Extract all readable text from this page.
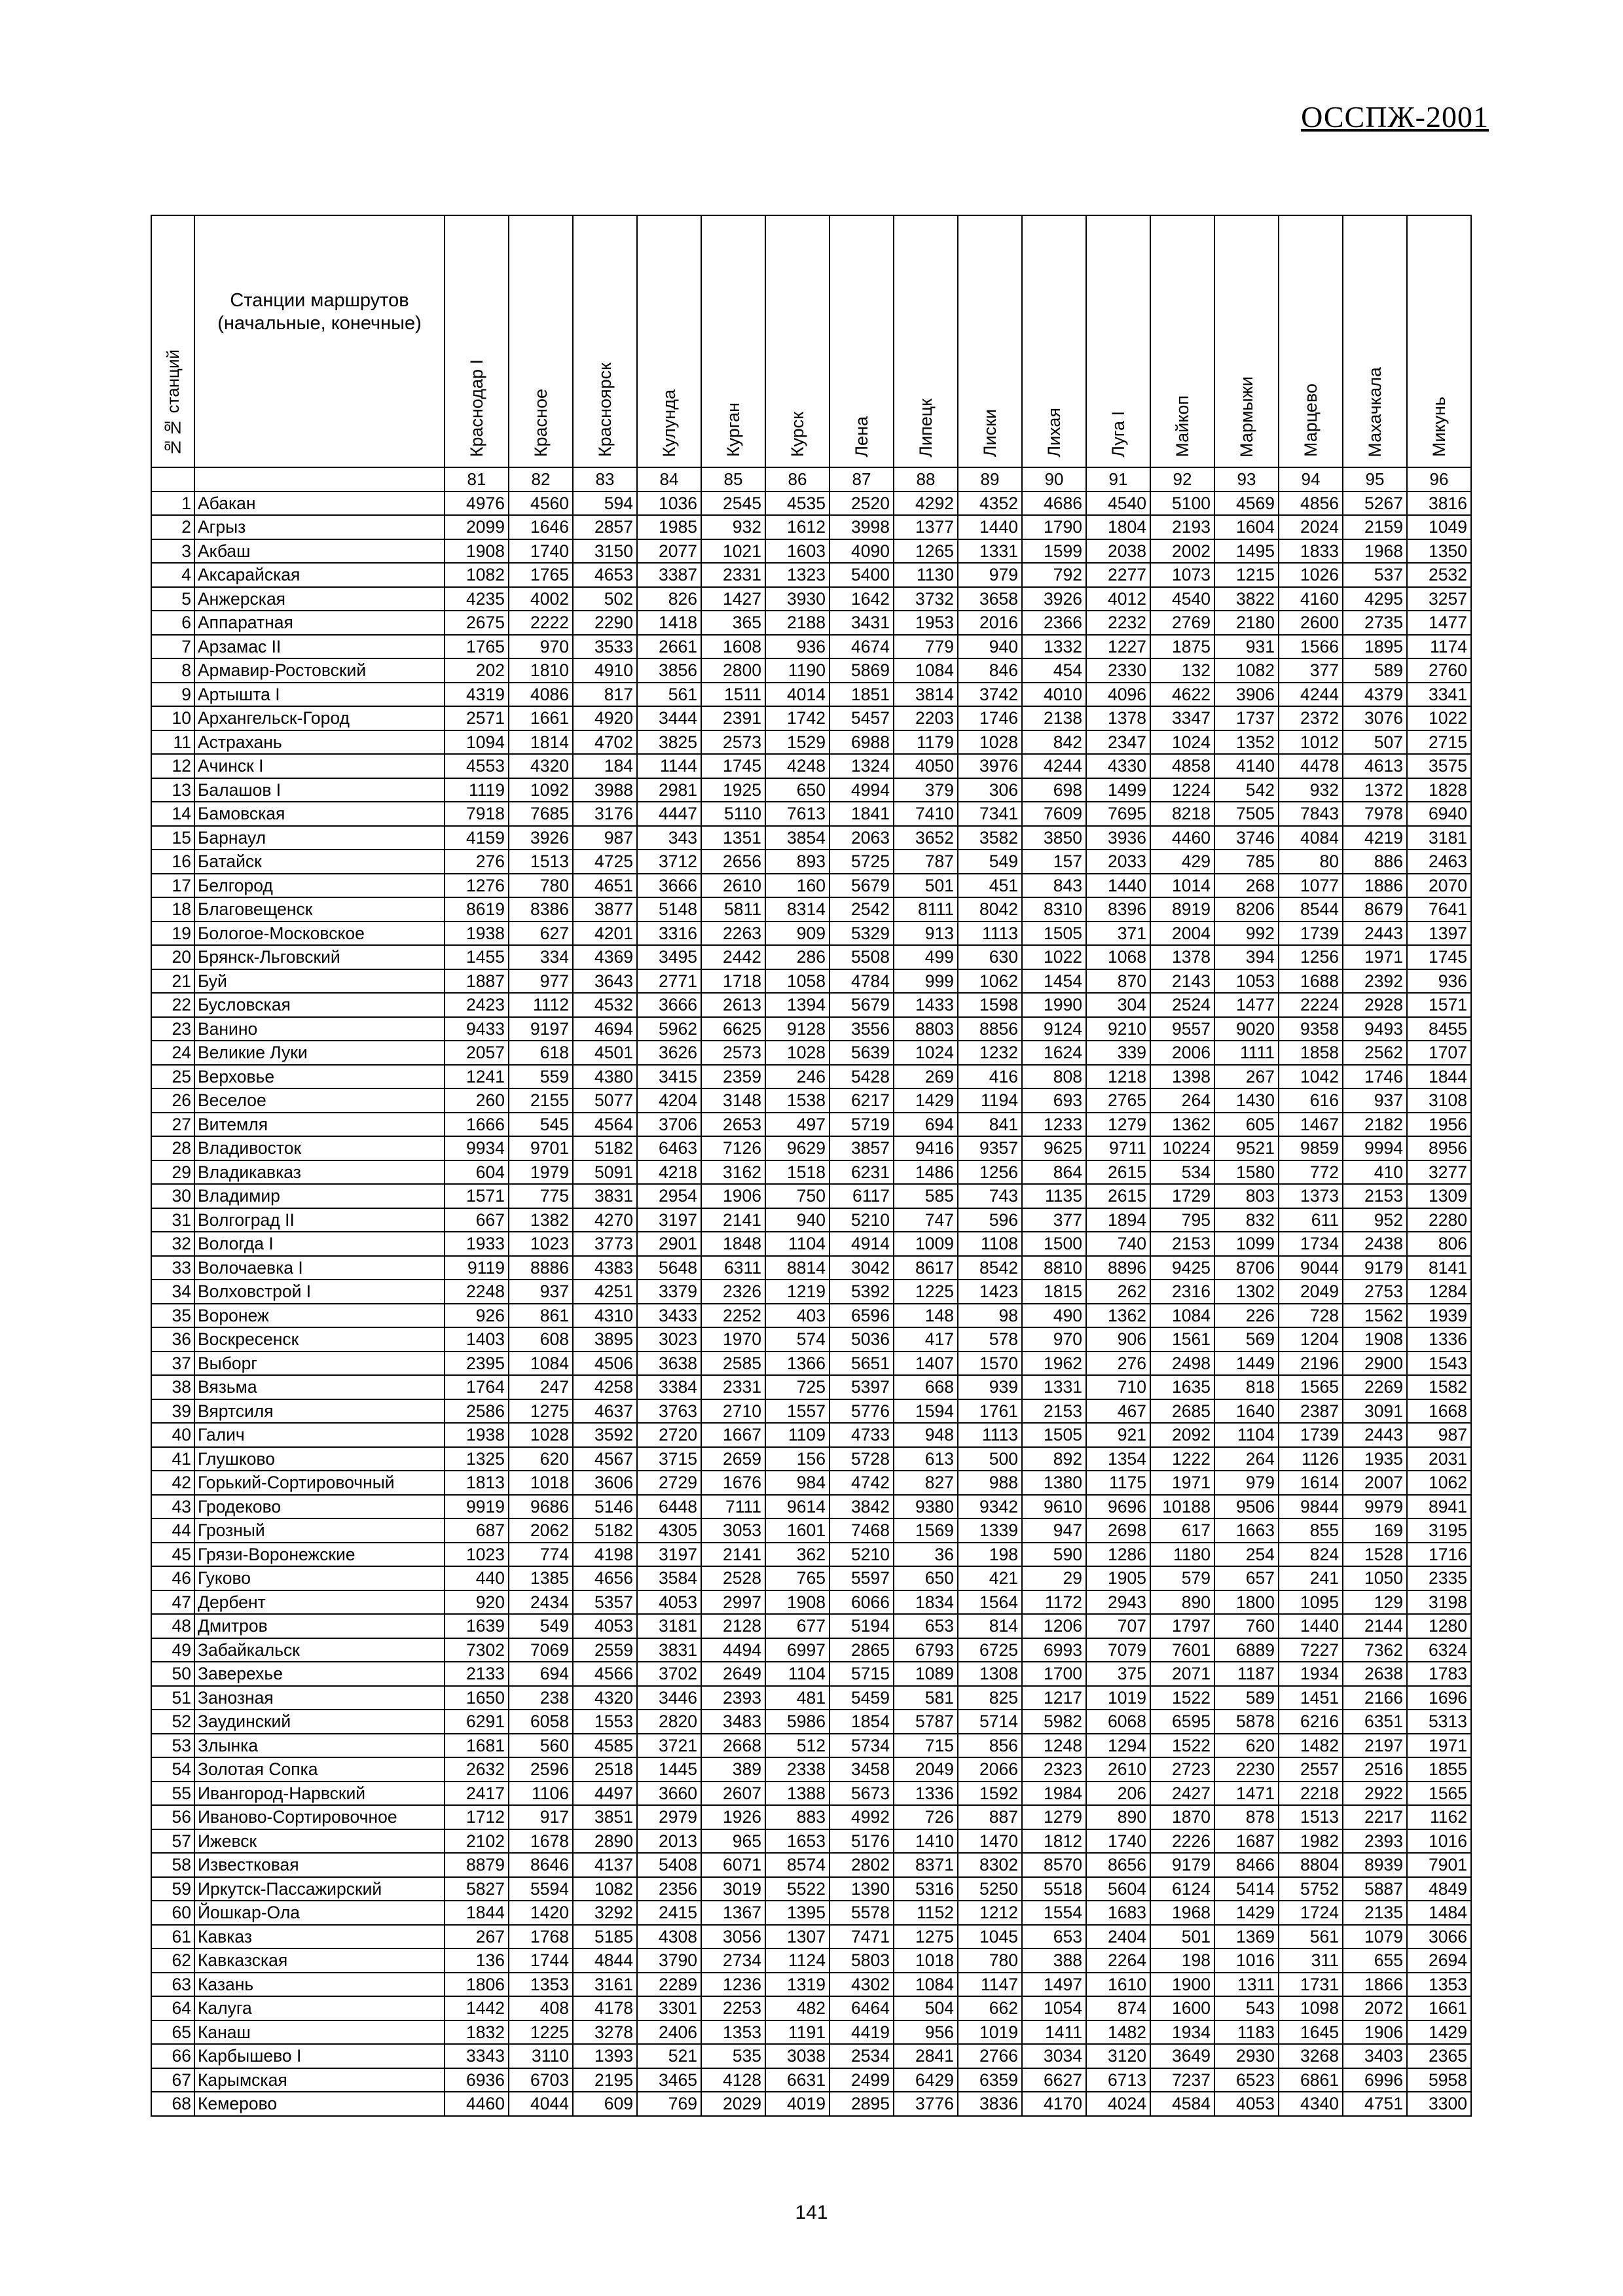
ОССПЖ-2001
№№ станций	Станции маршрутов (начальные, конечные)	Краснодар I	Красное	Красноярск	Кулунда	Курган	Курск	Лена	Липецк	Лиски	Лихая	Луга I	Майкоп	Мармыжи	Марцево	Махачкала	Микунь
		81	82	83	84	85	86	87	88	89	90	91	92	93	94	95	96
1	Абакан	4976	4560	594	1036	2545	4535	2520	4292	4352	4686	4540	5100	4569	4856	5267	3816
2	Агрыз	2099	1646	2857	1985	932	1612	3998	1377	1440	1790	1804	2193	1604	2024	2159	1049
3	Акбаш	1908	1740	3150	2077	1021	1603	4090	1265	1331	1599	2038	2002	1495	1833	1968	1350
4	Аксарайская	1082	1765	4653	3387	2331	1323	5400	1130	979	792	2277	1073	1215	1026	537	2532
5	Анжерская	4235	4002	502	826	1427	3930	1642	3732	3658	3926	4012	4540	3822	4160	4295	3257
6	Аппаратная	2675	2222	2290	1418	365	2188	3431	1953	2016	2366	2232	2769	2180	2600	2735	1477
7	Арзамас II	1765	970	3533	2661	1608	936	4674	779	940	1332	1227	1875	931	1566	1895	1174
8	Армавир-Ростовский	202	1810	4910	3856	2800	1190	5869	1084	846	454	2330	132	1082	377	589	2760
9	Артышта I	4319	4086	817	561	1511	4014	1851	3814	3742	4010	4096	4622	3906	4244	4379	3341
10	Архангельск-Город	2571	1661	4920	3444	2391	1742	5457	2203	1746	2138	1378	3347	1737	2372	3076	1022
11	Астрахань	1094	1814	4702	3825	2573	1529	6988	1179	1028	842	2347	1024	1352	1012	507	2715
12	Ачинск I	4553	4320	184	1144	1745	4248	1324	4050	3976	4244	4330	4858	4140	4478	4613	3575
13	Балашов I	1119	1092	3988	2981	1925	650	4994	379	306	698	1499	1224	542	932	1372	1828
14	Бамовская	7918	7685	3176	4447	5110	7613	1841	7410	7341	7609	7695	8218	7505	7843	7978	6940
15	Барнаул	4159	3926	987	343	1351	3854	2063	3652	3582	3850	3936	4460	3746	4084	4219	3181
16	Батайск	276	1513	4725	3712	2656	893	5725	787	549	157	2033	429	785	80	886	2463
17	Белгород	1276	780	4651	3666	2610	160	5679	501	451	843	1440	1014	268	1077	1886	2070
18	Благовещенск	8619	8386	3877	5148	5811	8314	2542	8111	8042	8310	8396	8919	8206	8544	8679	7641
19	Бологое-Московское	1938	627	4201	3316	2263	909	5329	913	1113	1505	371	2004	992	1739	2443	1397
20	Брянск-Льговский	1455	334	4369	3495	2442	286	5508	499	630	1022	1068	1378	394	1256	1971	1745
21	Буй	1887	977	3643	2771	1718	1058	4784	999	1062	1454	870	2143	1053	1688	2392	936
22	Бусловская	2423	1112	4532	3666	2613	1394	5679	1433	1598	1990	304	2524	1477	2224	2928	1571
23	Ванино	9433	9197	4694	5962	6625	9128	3556	8803	8856	9124	9210	9557	9020	9358	9493	8455
24	Великие Луки	2057	618	4501	3626	2573	1028	5639	1024	1232	1624	339	2006	1111	1858	2562	1707
25	Верховье	1241	559	4380	3415	2359	246	5428	269	416	808	1218	1398	267	1042	1746	1844
26	Веселое	260	2155	5077	4204	3148	1538	6217	1429	1194	693	2765	264	1430	616	937	3108
27	Витемля	1666	545	4564	3706	2653	497	5719	694	841	1233	1279	1362	605	1467	2182	1956
28	Владивосток	9934	9701	5182	6463	7126	9629	3857	9416	9357	9625	9711	10224	9521	9859	9994	8956
29	Владикавказ	604	1979	5091	4218	3162	1518	6231	1486	1256	864	2615	534	1580	772	410	3277
30	Владимир	1571	775	3831	2954	1906	750	6117	585	743	1135	2615	1729	803	1373	2153	1309
31	Волгоград II	667	1382	4270	3197	2141	940	5210	747	596	377	1894	795	832	611	952	2280
32	Вологда I	1933	1023	3773	2901	1848	1104	4914	1009	1108	1500	740	2153	1099	1734	2438	806
33	Волочаевка I	9119	8886	4383	5648	6311	8814	3042	8617	8542	8810	8896	9425	8706	9044	9179	8141
34	Волховстрой I	2248	937	4251	3379	2326	1219	5392	1225	1423	1815	262	2316	1302	2049	2753	1284
35	Воронеж	926	861	4310	3433	2252	403	6596	148	98	490	1362	1084	226	728	1562	1939
36	Воскресенск	1403	608	3895	3023	1970	574	5036	417	578	970	906	1561	569	1204	1908	1336
37	Выборг	2395	1084	4506	3638	2585	1366	5651	1407	1570	1962	276	2498	1449	2196	2900	1543
38	Вязьма	1764	247	4258	3384	2331	725	5397	668	939	1331	710	1635	818	1565	2269	1582
39	Вяртсиля	2586	1275	4637	3763	2710	1557	5776	1594	1761	2153	467	2685	1640	2387	3091	1668
40	Галич	1938	1028	3592	2720	1667	1109	4733	948	1113	1505	921	2092	1104	1739	2443	987
41	Глушково	1325	620	4567	3715	2659	156	5728	613	500	892	1354	1222	264	1126	1935	2031
42	Горький-Сортировочный	1813	1018	3606	2729	1676	984	4742	827	988	1380	1175	1971	979	1614	2007	1062
43	Гродеково	9919	9686	5146	6448	7111	9614	3842	9380	9342	9610	9696	10188	9506	9844	9979	8941
44	Грозный	687	2062	5182	4305	3053	1601	7468	1569	1339	947	2698	617	1663	855	169	3195
45	Грязи-Воронежские	1023	774	4198	3197	2141	362	5210	36	198	590	1286	1180	254	824	1528	1716
46	Гуково	440	1385	4656	3584	2528	765	5597	650	421	29	1905	579	657	241	1050	2335
47	Дербент	920	2434	5357	4053	2997	1908	6066	1834	1564	1172	2943	890	1800	1095	129	3198
48	Дмитров	1639	549	4053	3181	2128	677	5194	653	814	1206	707	1797	760	1440	2144	1280
49	Забайкальск	7302	7069	2559	3831	4494	6997	2865	6793	6725	6993	7079	7601	6889	7227	7362	6324
50	Заверехье	2133	694	4566	3702	2649	1104	5715	1089	1308	1700	375	2071	1187	1934	2638	1783
51	Занозная	1650	238	4320	3446	2393	481	5459	581	825	1217	1019	1522	589	1451	2166	1696
52	Заудинский	6291	6058	1553	2820	3483	5986	1854	5787	5714	5982	6068	6595	5878	6216	6351	5313
53	Злынка	1681	560	4585	3721	2668	512	5734	715	856	1248	1294	1522	620	1482	2197	1971
54	Золотая Сопка	2632	2596	2518	1445	389	2338	3458	2049	2066	2323	2610	2723	2230	2557	2516	1855
55	Ивангород-Нарвский	2417	1106	4497	3660	2607	1388	5673	1336	1592	1984	206	2427	1471	2218	2922	1565
56	Иваново-Сортировочное	1712	917	3851	2979	1926	883	4992	726	887	1279	890	1870	878	1513	2217	1162
57	Ижевск	2102	1678	2890	2013	965	1653	5176	1410	1470	1812	1740	2226	1687	1982	2393	1016
58	Известковая	8879	8646	4137	5408	6071	8574	2802	8371	8302	8570	8656	9179	8466	8804	8939	7901
59	Иркутск-Пассажирский	5827	5594	1082	2356	3019	5522	1390	5316	5250	5518	5604	6124	5414	5752	5887	4849
60	Йошкар-Ола	1844	1420	3292	2415	1367	1395	5578	1152	1212	1554	1683	1968	1429	1724	2135	1484
61	Кавказ	267	1768	5185	4308	3056	1307	7471	1275	1045	653	2404	501	1369	561	1079	3066
62	Кавказская	136	1744	4844	3790	2734	1124	5803	1018	780	388	2264	198	1016	311	655	2694
63	Казань	1806	1353	3161	2289	1236	1319	4302	1084	1147	1497	1610	1900	1311	1731	1866	1353
64	Калуга	1442	408	4178	3301	2253	482	6464	504	662	1054	874	1600	543	1098	2072	1661
65	Канаш	1832	1225	3278	2406	1353	1191	4419	956	1019	1411	1482	1934	1183	1645	1906	1429
66	Карбышево I	3343	3110	1393	521	535	3038	2534	2841	2766	3034	3120	3649	2930	3268	3403	2365
67	Карымская	6936	6703	2195	3465	4128	6631	2499	6429	6359	6627	6713	7237	6523	6861	6996	5958
68	Кемерово	4460	4044	609	769	2029	4019	2895	3776	3836	4170	4024	4584	4053	4340	4751	3300
141
